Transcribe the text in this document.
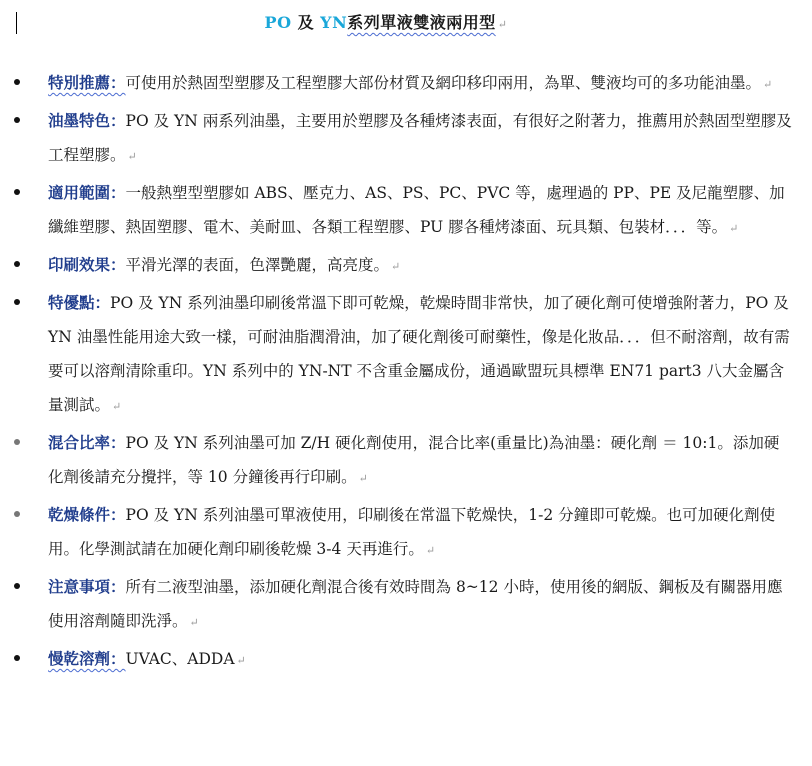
PO 及 YN系列單液雙液兩用型 ↵
特別推薦：可使用於熱固型塑膠及工程塑膠大部份材質及網印移印兩用，為單、雙液均可的多功能油墨。 ↵
油墨特色：PO 及 YN 兩系列油墨，主要用於塑膠及各種烤漆表面，有很好之附著力，推薦用於熱固型塑膠及工程塑膠。 ↵
適用範圍：一般熱塑型塑膠如 ABS、壓克力、AS、PS、PC、PVC 等，處理過的 PP、PE 及尼龍塑膠、加纖維塑膠、熱固塑膠、電木、美耐皿、各類工程塑膠、PU 膠各種烤漆面、玩具類、包裝材．．．等。 ↵
印刷效果：平滑光澤的表面，色澤艷麗，高亮度。 ↵
特優點：PO 及 YN 系列油墨印刷後常溫下即可乾燥，乾燥時間非常快，加了硬化劑可使增強附著力，PO 及 YN 油墨性能用途大致一樣，可耐油脂潤滑油，加了硬化劑後可耐藥性，像是化妝品．．．但不耐溶劑，故有需要可以溶劑清除重印。YN 系列中的 YN-NT 不含重金屬成份，通過歐盟玩具標準 EN71 part3 八大金屬含量測試。 ↵
混合比率：PO 及 YN 系列油墨可加 Z/H 硬化劑使用，混合比率(重量比)為油墨：硬化劑 ＝ 10:1。添加硬化劑後請充分攪拌，等 10 分鐘後再行印刷。 ↵
乾燥條件：PO 及 YN 系列油墨可單液使用，印刷後在常溫下乾燥快，1-2 分鐘即可乾燥。也可加硬化劑使用。化學測試請在加硬化劑印刷後乾燥 3-4 天再進行。 ↵
注意事項：所有二液型油墨，添加硬化劑混合後有效時間為 8~12 小時，使用後的網版、鋼板及有關器用應使用溶劑隨即洗淨。 ↵
慢乾溶劑：UVAC、ADDA ↵
